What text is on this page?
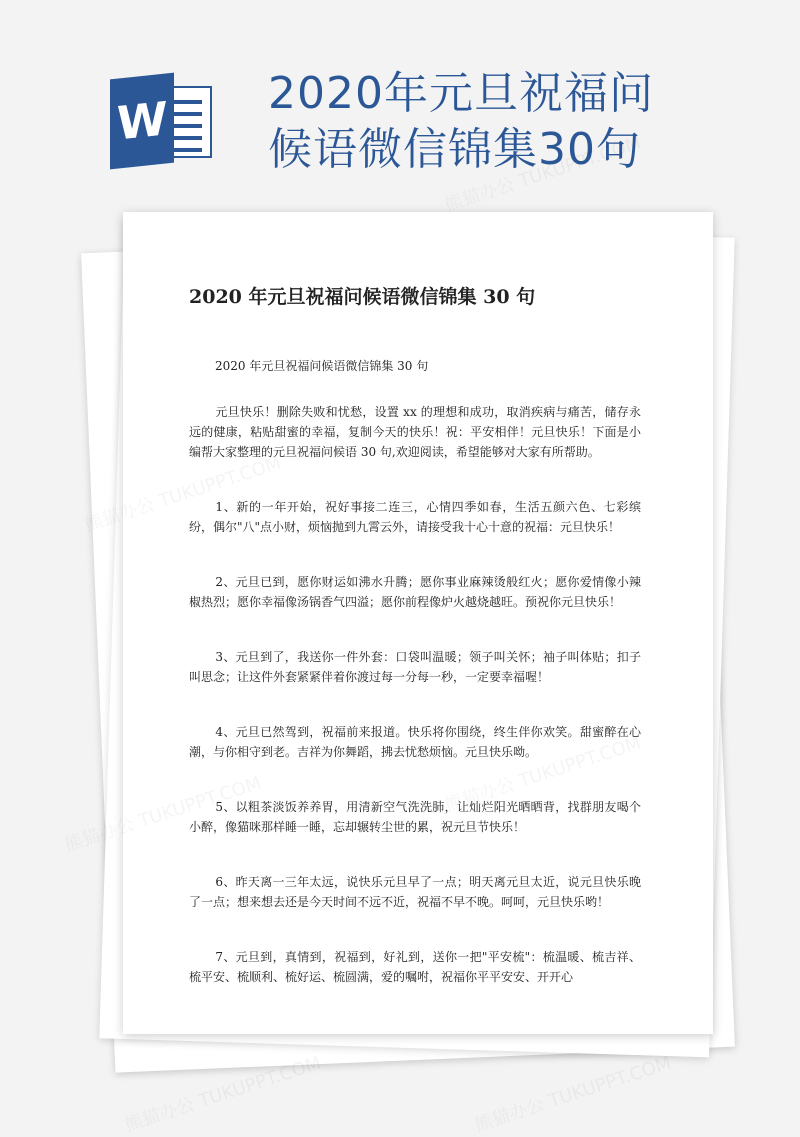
W 2020年元旦祝福问候语微信锦集30句
2020 年元旦祝福问候语微信锦集 30 句

2020 年元旦祝福问候语微信锦集 30 句

元旦快乐！删除失败和忧愁，设置 xx 的理想和成功，取消疾病与痛苦，储存永远的健康，粘贴甜蜜的幸福，复制今天的快乐！祝：平安相伴！元旦快乐！下面是小编帮大家整理的元旦祝福问候语 30 句,欢迎阅读，希望能够对大家有所帮助。

1、新的一年开始，祝好事接二连三，心情四季如春，生活五颜六色、七彩缤纷，偶尔"八"点小财，烦恼抛到九霄云外，请接受我十心十意的祝福：元旦快乐！

2、元旦已到，愿你财运如沸水升腾；愿你事业麻辣烫般红火；愿你爱情像小辣椒热烈；愿你幸福像汤锅香气四溢；愿你前程像炉火越烧越旺。预祝你元旦快乐！

3、元旦到了，我送你一件外套：口袋叫温暖；领子叫关怀；袖子叫体贴；扣子叫思念；让这件外套紧紧伴着你渡过每一分每一秒，一定要幸福喔！

4、元旦已然驾到，祝福前来报道。快乐将你围绕，终生伴你欢笑。甜蜜醉在心潮，与你相守到老。吉祥为你舞蹈，拂去忧愁烦恼。元旦快乐呦。

5、以粗茶淡饭养养胃，用清新空气洗洗肺，让灿烂阳光晒晒背，找群朋友喝个小醉，像猫咪那样睡一睡，忘却辗转尘世的累，祝元旦节快乐！

6、昨天离一三年太远，说快乐元旦早了一点；明天离元旦太近，说元旦快乐晚了一点；想来想去还是今天时间不远不近，祝福不早不晚。呵呵，元旦快乐哟！

7、元旦到，真情到，祝福到，好礼到，送你一把"平安梳"：梳温暖、梳吉祥、梳平安、梳顺利、梳好运、梳圆满，爱的嘱咐，祝福你平平安安、开开心
